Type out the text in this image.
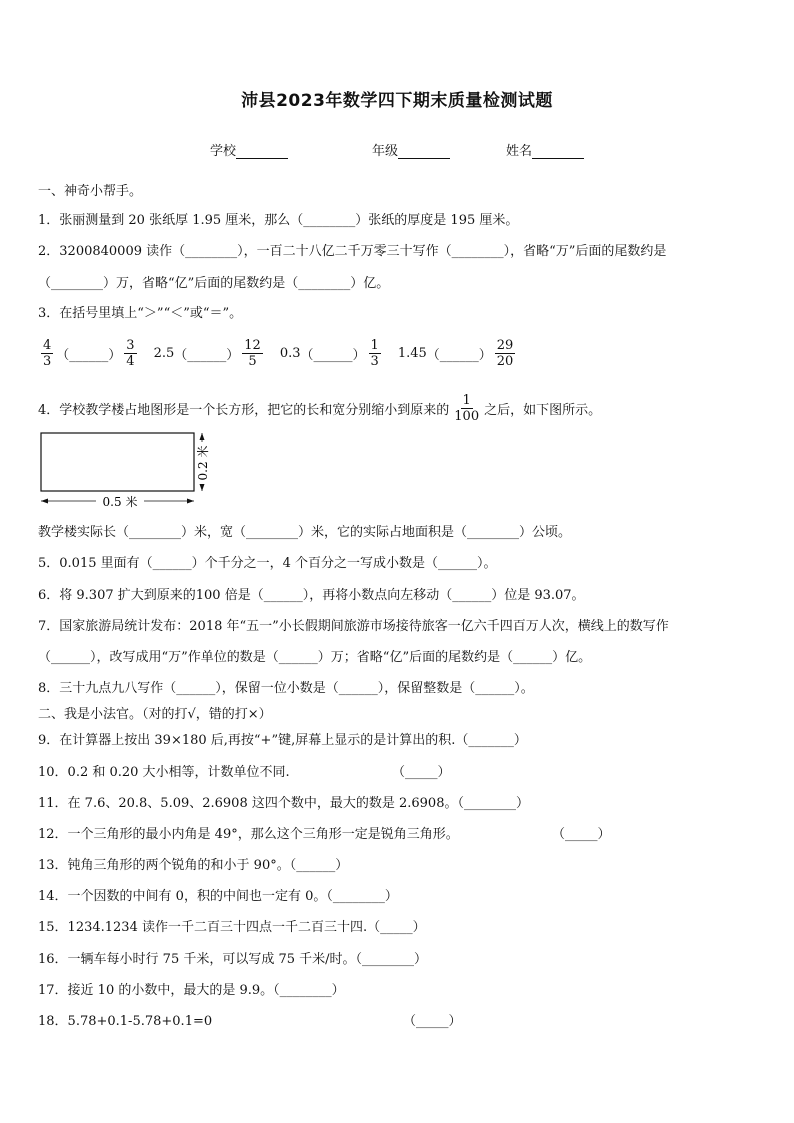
沛县2023年数学四下期末质量检测试题
学校	年级	姓名
一、神奇小帮手。
1．张丽测量到 20 张纸厚 1.95 厘米，那么（________）张纸的厚度是 195 厘米。
2．3200840009 读作（________），一百二十八亿二千万零三十写作（________），省略“万”后面的尾数约是
（________）万，省略“亿”后面的尾数约是（________）亿。
3．在括号里填上“＞”“＜”或“＝”。
$\frac{4}{3}$ （______） $\frac{3}{4} 2.5$ （______） $\frac{12}{5} 0.3$ （______） $\frac{1}{3} 1.45$ （______） $\frac{29}{20}$
4．学校教学楼占地图形是一个长方形，把它的长和宽分别缩小到原来的 $\frac{1}{100}$ 之后，如下图所示。
0.5 米
0.2 米
教学楼实际长（________）米，宽（________）米，它的实际占地面积是（________）公顷。
5．0.015 里面有（______）个千分之一，4 个百分之一写成小数是（______）。
6．将 9.307 扩大到原来的100 倍是（______），再将小数点向左移动（______）位是 93.07。
7．国家旅游局统计发布：2018 年“五一”小长假期间旅游市场接待旅客一亿六千四百万人次，横线上的数写作
（______），改写成用“万”作单位的数是（______）万；省略“亿”后面的尾数约是（______）亿。
8．三十九点九八写作（______），保留一位小数是（______），保留整数是（______）。
二、我是小法官。（对的打√，错的打×）
9．在计算器上按出 39×180 后,再按“+”键,屏幕上显示的是计算出的积.（_______）
10．0.2 和 0.20 大小相等，计数单位不同.	（_____）
11．在 7.6、20.8、5.09、2.6908 这四个数中，最大的数是 2.6908。（________）
12．一个三角形的最小内角是 49°，那么这个三角形一定是锐角三角形。	（_____）
13．钝角三角形的两个锐角的和小于 90°。（______）
14．一个因数的中间有 0，积的中间也一定有 0。（________）
15．1234.1234 读作一千二百三十四点一千二百三十四.（_____）
16．一辆车每小时行 75 千米，可以写成 75 千米/时。（________）
17．接近 10 的小数中，最大的是 9.9。（________）
18．5.78+0.1-5.78+0.1=0	（_____）
